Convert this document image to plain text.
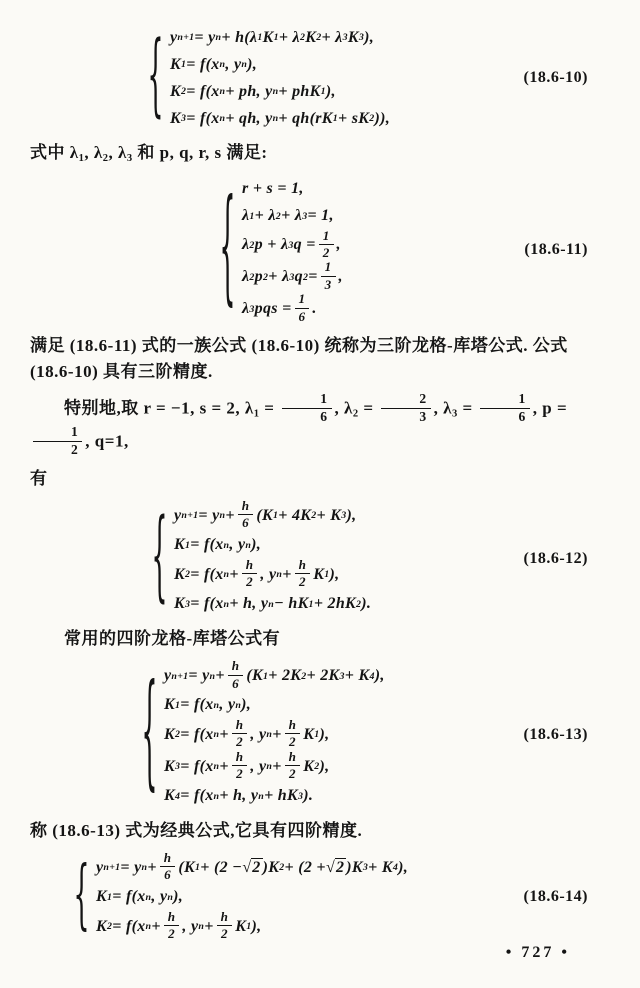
{ y n+1 = y n + h(λ 1 K 1 + λ 2 K 2 + λ 3 K 3 ),
K 1 = f(x n , y n ),
K 2 = f(x n + ph, y n + phK 1 ),
K 3 = f(x n + qh, y n + qh(rK 1 + sK 2 )),
(18.6-10)

式中 $\lambda_1$, $\lambda_2$, $\lambda_3$ 和 p, q, r, s 满足:

{ r + s = 1,
λ 1 + λ 2 + λ 3 = 1,
λ 2 p + λ 3 $q = \frac{1}{2}$ ,
λ 2 p 2 + λ 3 q $2 = \frac{1}{3}$ ,
λ 3 pqs = $\frac{1}{6}$ .
(18.6-11)

满足 (18.6-11) 式的一族公式 (18.6-10) 统称为三阶龙格-库塔公式. 公式 (18.6-10) 具有三阶精度.

特别地,取 r = −1, s = 2, $\lambda_1 = \frac{1}{6}$ , $\lambda_2 = \frac{2}{3}$ , $\lambda_3 = \frac{1}{6}$ , p =
$\frac{1}{2}$ , q=1,

有

{ y n+1 = y $n + \frac{h}{6} (K$ 1 + 4K 2 + K 3 ),
K 1 = f(x n , y n ),
K 2 = f(x $n + \frac{h}{2}$ , y $n + \frac{h}{2}$ K 1 ),
K 3 = f(x n + h, y n − hK 1 + 2hK 2 ).
(18.6-12)

常用的四阶龙格-库塔公式有

{ y n+1 = y $n + \frac{h}{6} (K$ 1 + 2K 2 + 2K 3 + K 4 ),
K 1 = f(x n , y n ),
K 2 = f(x $n + \frac{h}{2}$ , y $n + \frac{h}{2}$ K 1 ),
K 3 = f(x $n + \frac{h}{2}$ , y $n + \frac{h}{2}$ K 2 ),
K 4 = f(x n + h, y n + hK 3 ).
(18.6-13)

称 (18.6-13) 式为经典公式,它具有四阶精度.

{ y n+1 = y $n + \frac{h}{6} (K$ 1 + (2 − √2 )K 2 + (2 + √2 )K 3 + K 4 ),
K 1 = f(x n , y n ),
K 2 = f(x $n + \frac{h}{2}$ , y $n + \frac{h}{2}$ K 1 ),
(18.6-14)
• 727 •
